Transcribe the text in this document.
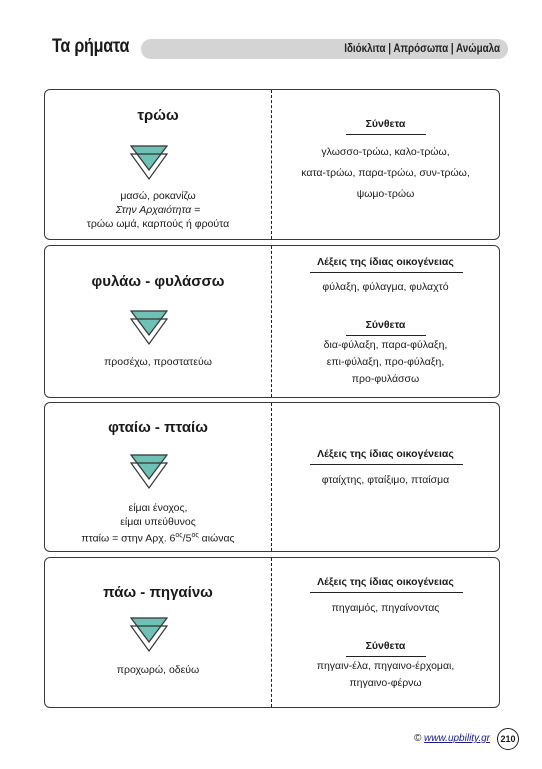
Τα ρήματα	Ιδιόκλιτα | Απρόσωπα | Ανώμαλα
τρώω
μασώ, ροκανίζω
Στην Αρχαιότητα =
τρώω ωμά, καρπούς ή φρούτα
Σύνθετα
γλωσσο-τρώω, καλο-τρώω,
κατα-τρώω, παρα-τρώω, συν-τρώω,
ψωμο-τρώω
φυλάω - φυλάσσω
προσέχω, προστατεύω
Λέξεις της ίδιας οικογένειας
φύλαξη, φύλαγμα, φυλαχτό
Σύνθετα
δια-φύλαξη, παρα-φύλαξη,
επι-φύλαξη, προ-φύλαξη,
προ-φυλάσσω
φταίω - πταίω
είμαι ένοχος,
είμαι υπεύθυνος
πταίω = στην Αρχ. $6^{o\varsigma}/5^{o\varsigma}$ αιώνας
Λέξεις της ίδιας οικογένειας
φταίχτης, φταίξιμο, πταίσμα
πάω - πηγαίνω
προχωρώ, οδεύω
Λέξεις της ίδιας οικογένειας
πηγαιμός, πηγαίνοντας
Σύνθετα
πηγαιν-έλα, πηγαινο-έρχομαι,
πηγαινο-φέρνω
© www.upbility.gr	210
